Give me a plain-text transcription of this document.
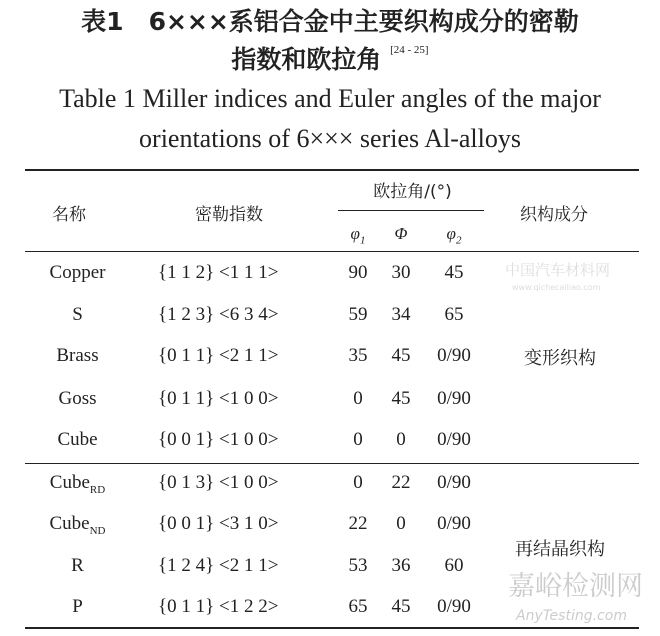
表1　6×××系铝合金中主要织构成分的密勒
指数和欧拉角 [24 - 25]
Table 1 Miller indices and Euler angles of the major
orientations of 6××× series Al-alloys
名称	密勒指数
欧拉角/(°)
$\varphi_1$	Φ	$\varphi_2$
织构成分
Copper	{1 1 2} <1 1 1>	90	30	45
S	{1 2 3} <6 3 4>	59	34	65
Brass	{0 1 1} <2 1 1>	35	45	0/90
Goss	{0 1 1} <1 0 0>	0	45	0/90
Cube	{0 0 1} <1 0 0>	0	0	0/90
Cube$_{RD}$	{0 1 3} <1 0 0>	0	22	0/90
Cube$_{ND}$	{0 0 1} <3 1 0>	22	0	0/90
R	{1 2 4} <2 1 1>	53	36	60
P	{0 1 1} <1 2 2>	65	45	0/90
变形织构
再结晶织构
中国汽车材料网
www.qichecailiao.com
嘉峪检测网
AnyTesting.com
